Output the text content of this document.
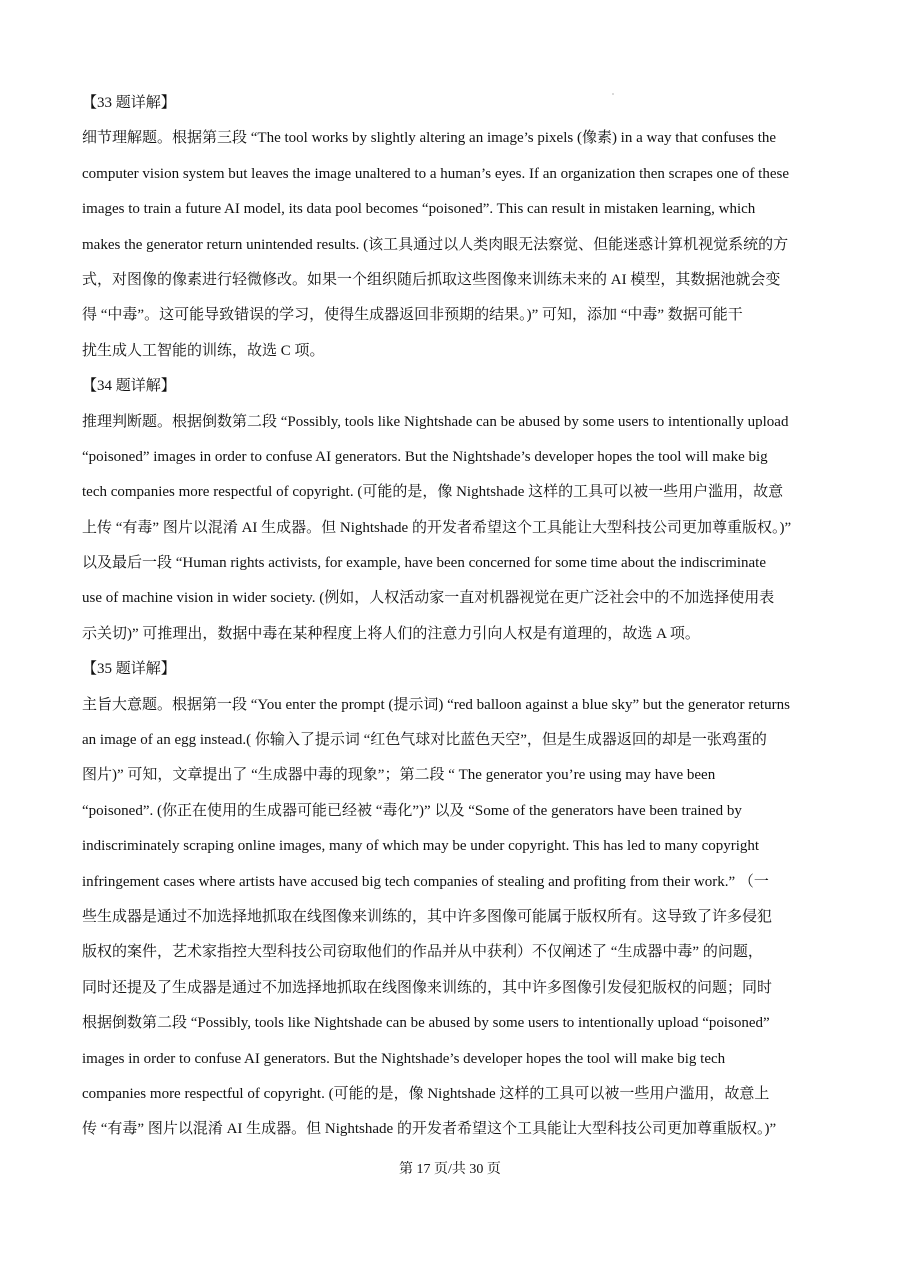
【33 题详解】
细节理解题。根据第三段 “The tool works by slightly altering an image’s pixels (像素) in a way that confuses the
computer vision system but leaves the image unaltered to a human’s eyes. If an organization then scrapes one of these
images to train a future AI model, its data pool becomes “poisoned”. This can result in mistaken learning, which
makes the generator return unintended results. (该工具通过以人类肉眼无法察觉、但能迷惑计算机视觉系统的方
式，对图像的像素进行轻微修改。如果一个组织随后抓取这些图像来训练未来的 AI 模型，其数据池就会变
得 “中毒”。这可能导致错误的学习，使得生成器返回非预期的结果。)” 可知，添加 “中毒” 数据可能干
扰生成人工智能的训练，故选 C 项。
【34 题详解】
推理判断题。根据倒数第二段 “Possibly, tools like Nightshade can be abused by some users to intentionally upload
“poisoned” images in order to confuse AI generators. But the Nightshade’s developer hopes the tool will make big
tech companies more respectful of copyright. (可能的是，像 Nightshade 这样的工具可以被一些用户滥用，故意
上传 “有毒” 图片以混淆 AI 生成器。但 Nightshade 的开发者希望这个工具能让大型科技公司更加尊重版权。)”
以及最后一段 “Human rights activists, for example, have been concerned for some time about the indiscriminate
use of machine vision in wider society. (例如，人权活动家一直对机器视觉在更广泛社会中的不加选择使用表
示关切)” 可推理出，数据中毒在某种程度上将人们的注意力引向人权是有道理的，故选 A 项。
【35 题详解】
主旨大意题。根据第一段 “You enter the prompt (提示词) “red balloon against a blue sky” but the generator returns
an image of an egg instead.( 你输入了提示词 “红色气球对比蓝色天空”，但是生成器返回的却是一张鸡蛋的
图片)” 可知，文章提出了 “生成器中毒的现象”；第二段 “ The generator you’re using may have been
“poisoned”. (你正在使用的生成器可能已经被 “毒化”)” 以及 “Some of the generators have been trained by
indiscriminately scraping online images, many of which may be under copyright. This has led to many copyright
infringement cases where artists have accused big tech companies of stealing and profiting from their work.” （一
些生成器是通过不加选择地抓取在线图像来训练的，其中许多图像可能属于版权所有。这导致了许多侵犯
版权的案件，艺术家指控大型科技公司窃取他们的作品并从中获利）不仅阐述了 “生成器中毒” 的问题，
同时还提及了生成器是通过不加选择地抓取在线图像来训练的，其中许多图像引发侵犯版权的问题；同时
根据倒数第二段 “Possibly, tools like Nightshade can be abused by some users to intentionally upload “poisoned”
images in order to confuse AI generators. But the Nightshade’s developer hopes the tool will make big tech
companies more respectful of copyright. (可能的是，像 Nightshade 这样的工具可以被一些用户滥用，故意上
传 “有毒” 图片以混淆 AI 生成器。但 Nightshade 的开发者希望这个工具能让大型科技公司更加尊重版权。)”
第 17 页/共 30 页
